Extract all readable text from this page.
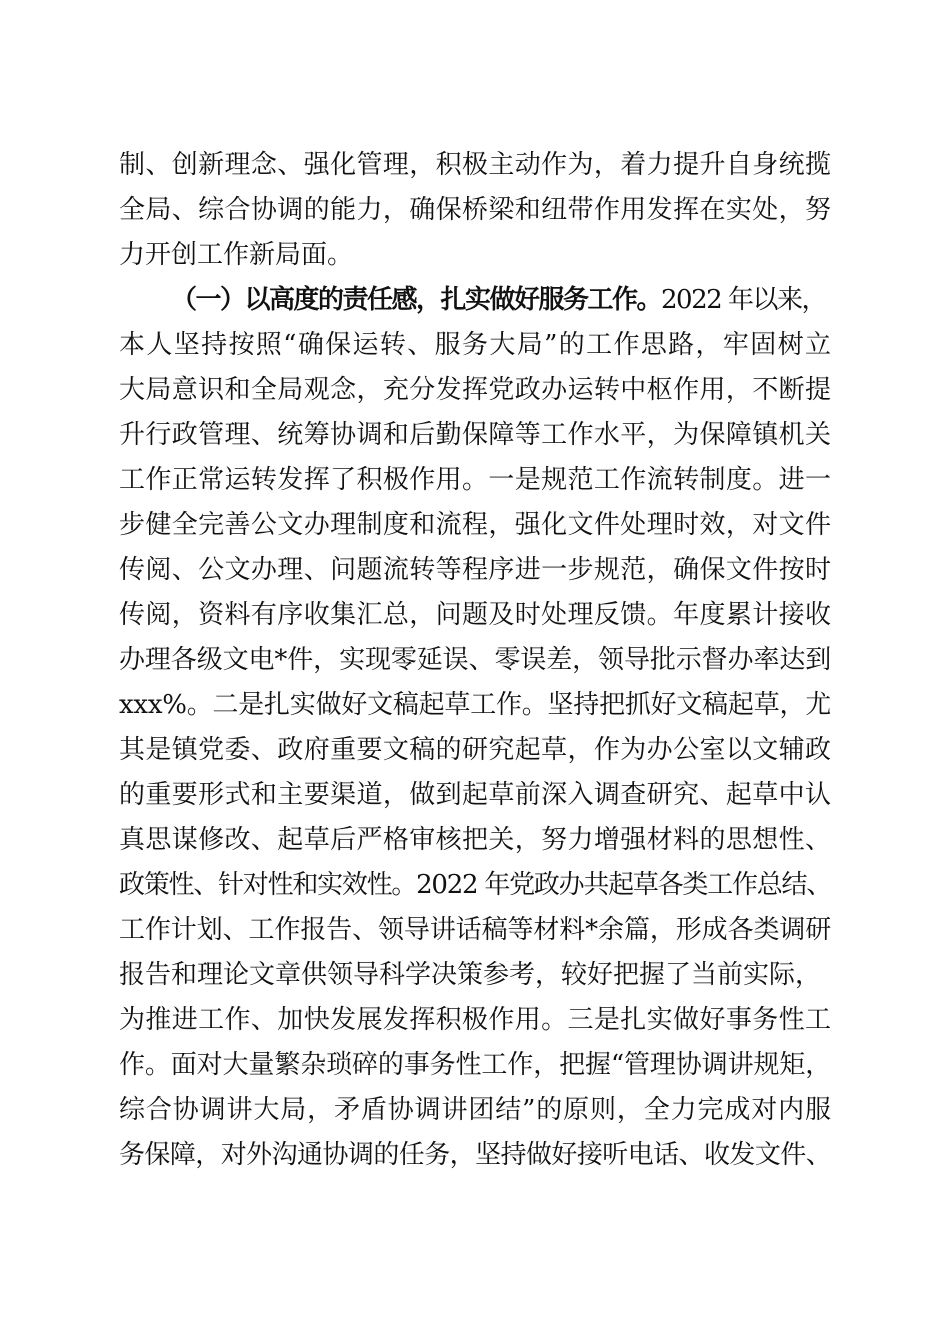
制、创新理念、强化管理，积极主动作为，着力提升自身统揽
全局、综合协调的能力，确保桥梁和纽带作用发挥在实处，努
力开创工作新局面。
（一）以高度的责任感，扎实做好服务工作。2022 年以来，
本人坚持按照“确保运转、服务大局”的工作思路，牢固树立
大局意识和全局观念，充分发挥党政办运转中枢作用，不断提
升行政管理、统筹协调和后勤保障等工作水平，为保障镇机关
工作正常运转发挥了积极作用。一是规范工作流转制度。进一
步健全完善公文办理制度和流程，强化文件处理时效，对文件
传阅、公文办理、问题流转等程序进一步规范，确保文件按时
传阅，资料有序收集汇总，问题及时处理反馈。年度累计接收
办理各级文电*件，实现零延误、零误差，领导批示督办率达到
xxx%。二是扎实做好文稿起草工作。坚持把抓好文稿起草，尤
其是镇党委、政府重要文稿的研究起草，作为办公室以文辅政
的重要形式和主要渠道，做到起草前深入调查研究、起草中认
真思谋修改、起草后严格审核把关，努力增强材料的思想性、
政策性、针对性和实效性。2022 年党政办共起草各类工作总结、
工作计划、工作报告、领导讲话稿等材料*余篇，形成各类调研
报告和理论文章供领导科学决策参考，较好把握了当前实际，
为推进工作、加快发展发挥积极作用。三是扎实做好事务性工
作。面对大量繁杂琐碎的事务性工作，把握“管理协调讲规矩，
综合协调讲大局，矛盾协调讲团结”的原则，全力完成对内服
务保障，对外沟通协调的任务，坚持做好接听电话、收发文件、
